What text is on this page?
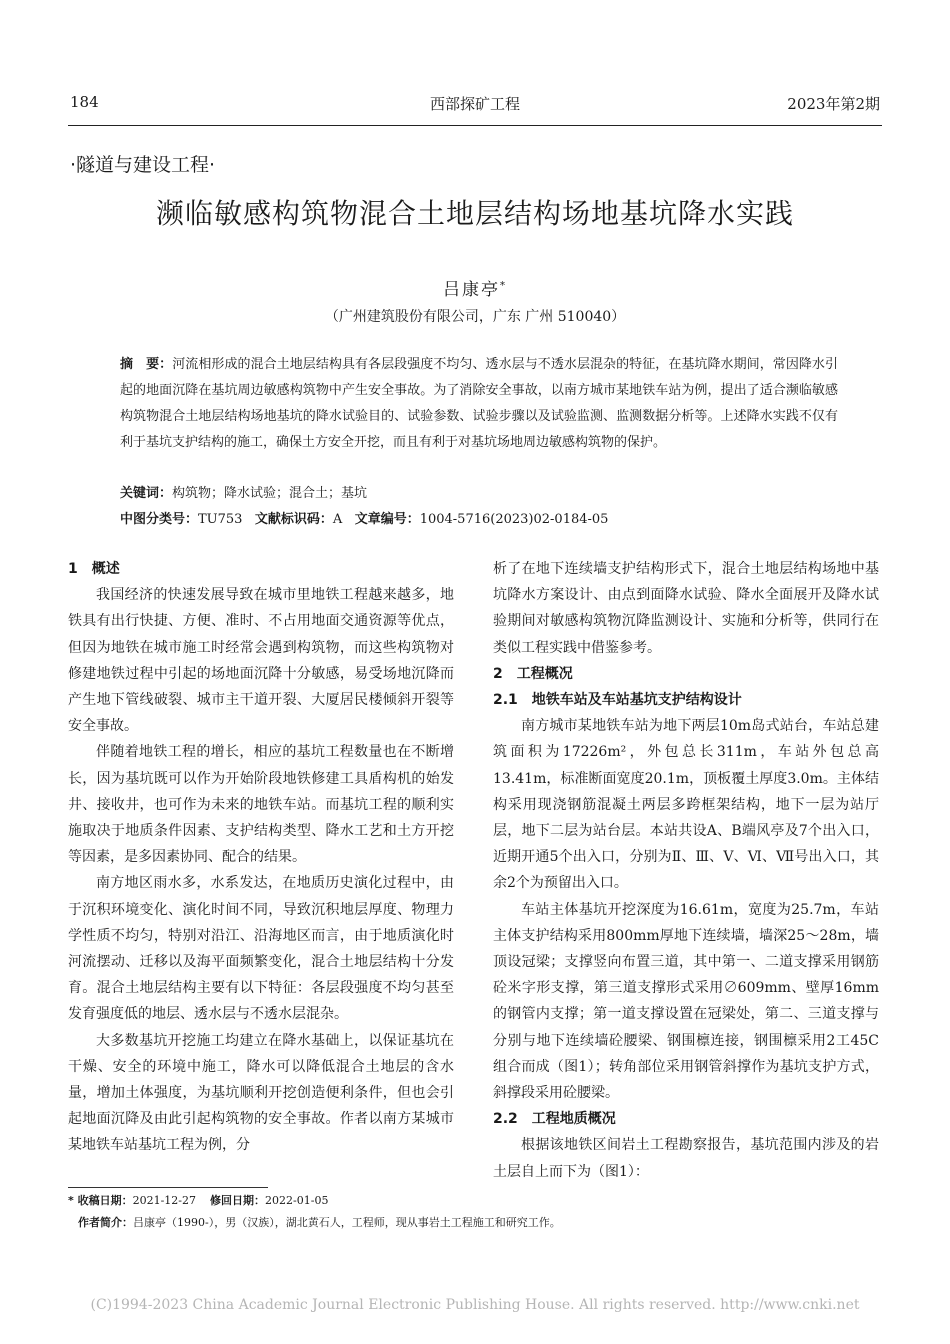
184	西部探矿工程	2023年第2期
·隧道与建设工程·
濒临敏感构筑物混合土地层结构场地基坑降水实践
吕康亭*
（广州建筑股份有限公司，广东 广州 510040）
摘　要：河流相形成的混合土地层结构具有各层段强度不均匀、透水层与不透水层混杂的特征，在基坑降水期间，常因降水引起的地面沉降在基坑周边敏感构筑物中产生安全事故。为了消除安全事故，以南方城市某地铁车站为例，提出了适合濒临敏感构筑物混合土地层结构场地基坑的降水试验目的、试验参数、试验步骤以及试验监测、监测数据分析等。上述降水实践不仅有利于基坑支护结构的施工，确保土方安全开挖，而且有利于对基坑场地周边敏感构筑物的保护。
关键词：构筑物；降水试验；混合土；基坑
中图分类号：TU753 文献标识码：A 文章编号：1004-5716(2023)02-0184-05
1　概述

我国经济的快速发展导致在城市里地铁工程越来越多，地铁具有出行快捷、方便、准时、不占用地面交通资源等优点，但因为地铁在城市施工时经常会遇到构筑物，而这些构筑物对修建地铁过程中引起的场地面沉降十分敏感，易受场地沉降而产生地下管线破裂、城市主干道开裂、大厦居民楼倾斜开裂等安全事故。

伴随着地铁工程的增长，相应的基坑工程数量也在不断增长，因为基坑既可以作为开始阶段地铁修建工具盾构机的始发井、接收井，也可作为未来的地铁车站。而基坑工程的顺利实施取决于地质条件因素、支护结构类型、降水工艺和土方开挖等因素，是多因素协同、配合的结果。

南方地区雨水多，水系发达，在地质历史演化过程中，由于沉积环境变化、演化时间不同，导致沉积地层厚度、物理力学性质不均匀，特别对沿江、沿海地区而言，由于地质演化时河流摆动、迁移以及海平面频繁变化，混合土地层结构十分发育。混合土地层结构主要有以下特征：各层段强度不均匀甚至发育强度低的地层、透水层与不透水层混杂。

大多数基坑开挖施工均建立在降水基础上，以保证基坑在干燥、安全的环境中施工，降水可以降低混合土地层的含水量，增加土体强度，为基坑顺利开挖创造便利条件，但也会引起地面沉降及由此引起构筑物的安全事故。作者以南方某城市某地铁车站基坑工程为例，分

析了在地下连续墙支护结构形式下，混合土地层结构场地中基坑降水方案设计、由点到面降水试验、降水全面展开及降水试验期间对敏感构筑物沉降监测设计、实施和分析等，供同行在类似工程实践中借鉴参考。

2　工程概况
2.1　地铁车站及车站基坑支护结构设计

南方城市某地铁车站为地下两层10m岛式站台，车站总建筑面积为17226m²，外包总长311m，车站外包总高13.41m，标准断面宽度20.1m，顶板覆土厚度3.0m。主体结构采用现浇钢筋混凝土两层多跨框架结构，地下一层为站厅层，地下二层为站台层。本站共设A、B端风亭及7个出入口，近期开通5个出入口，分别为Ⅱ、Ⅲ、Ⅴ、Ⅵ、Ⅶ号出入口，其余2个为预留出入口。

车站主体基坑开挖深度为16.61m，宽度为25.7m，车站主体支护结构采用800mm厚地下连续墙，墙深25～28m，墙顶设冠梁；支撑竖向布置三道，其中第一、二道支撑采用钢筋砼米字形支撑，第三道支撑形式采用∅609mm、壁厚16mm的钢管内支撑；第一道支撑设置在冠梁处，第二、三道支撑与分别与地下连续墙砼腰梁、钢围檩连接，钢围檩采用2工45C组合而成（图1）；转角部位采用钢管斜撑作为基坑支护方式，斜撑段采用砼腰梁。

2.2　工程地质概况

根据该地铁区间岩土工程勘察报告，基坑范围内涉及的岩土层自上而下为（图1）：

* 收稿日期：2021-12-27 修回日期：2022-01-05
作者简介：吕康亭（1990-），男（汉族），湖北黄石人，工程师，现从事岩土工程施工和研究工作。
(C)1994-2023 China Academic Journal Electronic Publishing House. All rights reserved. http://www.cnki.net
